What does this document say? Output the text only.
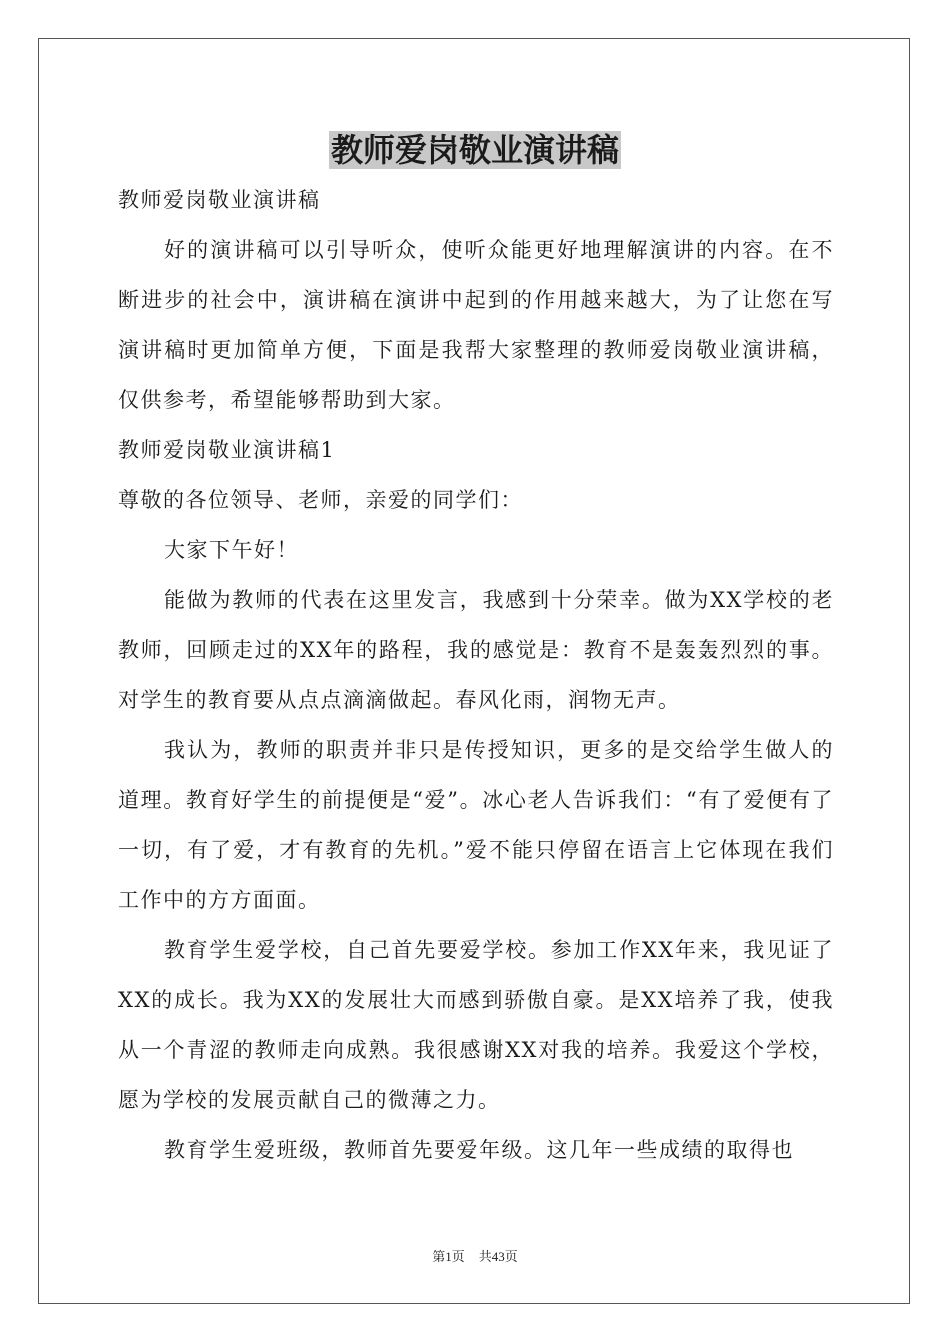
教师爱岗敬业演讲稿

教师爱岗敬业演讲稿

好的演讲稿可以引导听众，使听众能更好地理解演讲的内容。在不断进步的社会中，演讲稿在演讲中起到的作用越来越大，为了让您在写演讲稿时更加简单方便，下面是我帮大家整理的教师爱岗敬业演讲稿，仅供参考，希望能够帮助到大家。

教师爱岗敬业演讲稿1

尊敬的各位领导、老师，亲爱的同学们：

大家下午好！

能做为教师的代表在这里发言，我感到十分荣幸。做为XX学校的老教师，回顾走过的XX年的路程，我的感觉是：教育不是轰轰烈烈的事。对学生的教育要从点点滴滴做起。春风化雨，润物无声。

我认为，教师的职责并非只是传授知识，更多的是交给学生做人的道理。教育好学生的前提便是“爱”。冰心老人告诉我们：“有了爱便有了一切，有了爱，才有教育的先机。”爱不能只停留在语言上它体现在我们工作中的方方面面。

教育学生爱学校，自己首先要爱学校。参加工作XX年来，我见证了XX的成长。我为XX的发展壮大而感到骄傲自豪。是XX培养了我，使我从一个青涩的教师走向成熟。我很感谢XX对我的培养。我爱这个学校，愿为学校的发展贡献自己的微薄之力。

教育学生爱班级，教师首先要爱年级。这几年一些成绩的取得也

第1页 共43页
